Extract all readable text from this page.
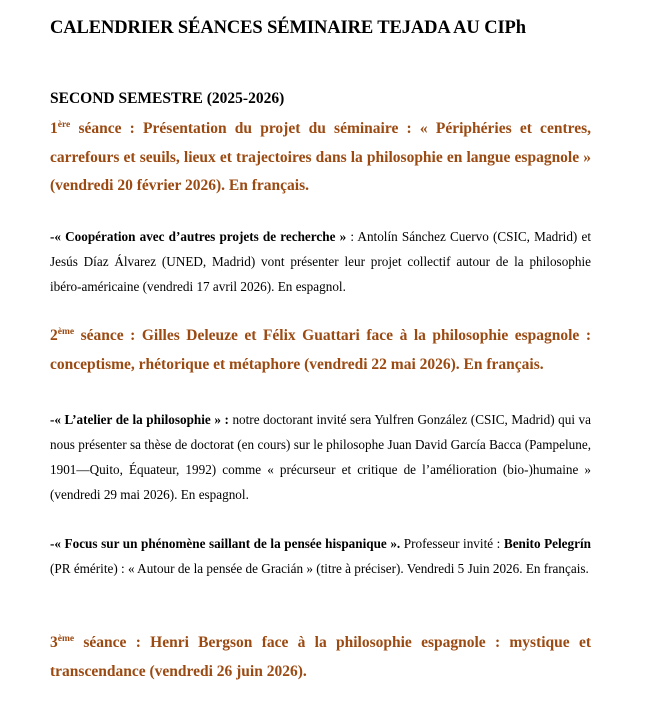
CALENDRIER SÉANCES SÉMINAIRE TEJADA AU CIPh
SECOND SEMESTRE (2025-2026)
1ère séance : Présentation du projet du séminaire : « Périphéries et centres, carrefours et seuils, lieux et trajectoires dans la philosophie en langue espagnole » (vendredi 20 février 2026). En français.
-« Coopération avec d’autres projets de recherche » : Antolín Sánchez Cuervo (CSIC, Madrid) et Jesús Díaz Álvarez (UNED, Madrid) vont présenter leur projet collectif autour de la philosophie ibéro-américaine (vendredi 17 avril 2026). En espagnol.
2ème séance : Gilles Deleuze et Félix Guattari face à la philosophie espagnole : conceptisme, rhétorique et métaphore (vendredi 22 mai 2026). En français.
-« L’atelier de la philosophie » : notre doctorant invité sera Yulfren González (CSIC, Madrid) qui va nous présenter sa thèse de doctorat (en cours) sur le philosophe Juan David García Bacca (Pampelune, 1901—Quito, Équateur, 1992) comme « précurseur et critique de l’amélioration (bio-)humaine » (vendredi 29 mai 2026). En espagnol.
-« Focus sur un phénomène saillant de la pensée hispanique ». Professeur invité : Benito Pelegrín (PR émérite) : « Autour de la pensée de Gracián » (titre à préciser). Vendredi 5 Juin 2026. En français.
3ème séance : Henri Bergson face à la philosophie espagnole : mystique et transcendance (vendredi 26 juin 2026).
